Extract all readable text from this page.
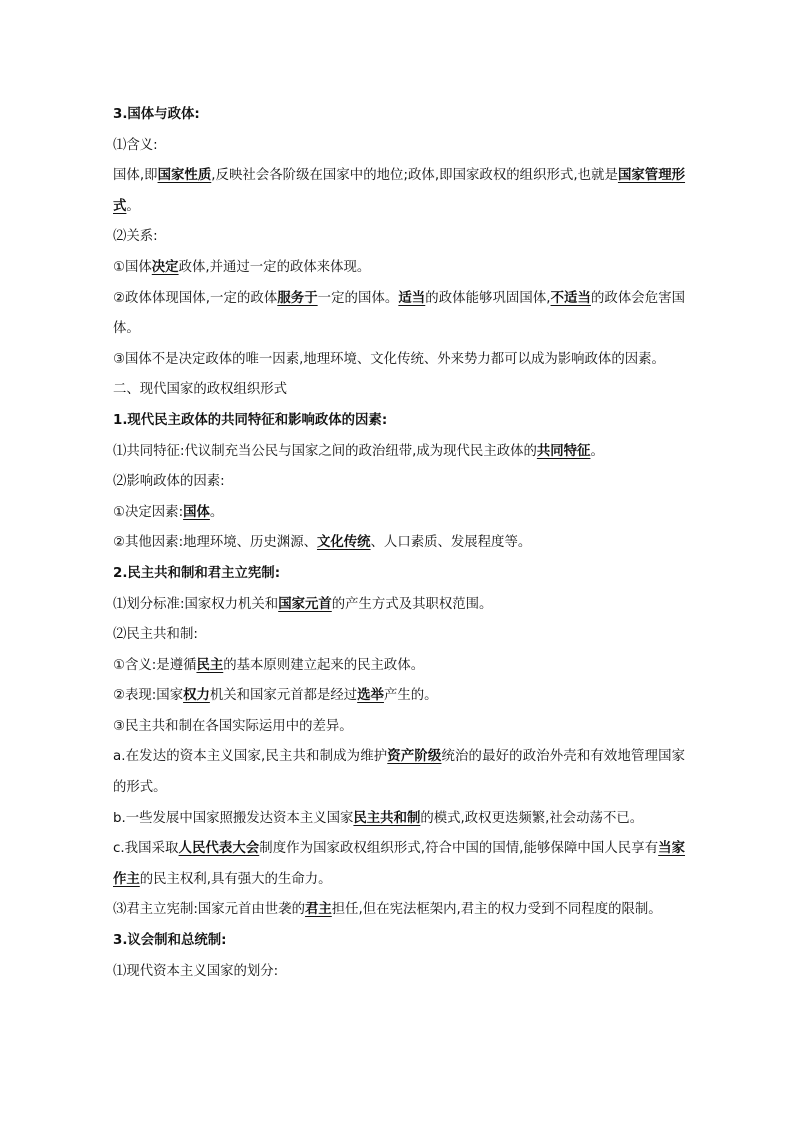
3.国体与政体:
⑴含义:
国体,即国家性质,反映社会各阶级在国家中的地位;政体,即国家政权的组织形式,也就是国家管理形式。
⑵关系:
①国体决定政体,并通过一定的政体来体现。
②政体体现国体,一定的政体服务于一定的国体。适当的政体能够巩固国体,不适当的政体会危害国体。
③国体不是决定政体的唯一因素,地理环境、文化传统、外来势力都可以成为影响政体的因素。
二、现代国家的政权组织形式
1.现代民主政体的共同特征和影响政体的因素:
⑴共同特征:代议制充当公民与国家之间的政治纽带,成为现代民主政体的共同特征。
⑵影响政体的因素:
①决定因素:国体。
②其他因素:地理环境、历史渊源、文化传统、人口素质、发展程度等。
2.民主共和制和君主立宪制:
⑴划分标准:国家权力机关和国家元首的产生方式及其职权范围。
⑵民主共和制:
①含义:是遵循民主的基本原则建立起来的民主政体。
②表现:国家权力机关和国家元首都是经过选举产生的。
③民主共和制在各国实际运用中的差异。
a.在发达的资本主义国家,民主共和制成为维护资产阶级统治的最好的政治外壳和有效地管理国家的形式。
b.一些发展中国家照搬发达资本主义国家民主共和制的模式,政权更迭频繁,社会动荡不已。
c.我国采取人民代表大会制度作为国家政权组织形式,符合中国的国情,能够保障中国人民享有当家作主的民主权利,具有强大的生命力。
⑶君主立宪制:国家元首由世袭的君主担任,但在宪法框架内,君主的权力受到不同程度的限制。
3.议会制和总统制:
⑴现代资本主义国家的划分:
